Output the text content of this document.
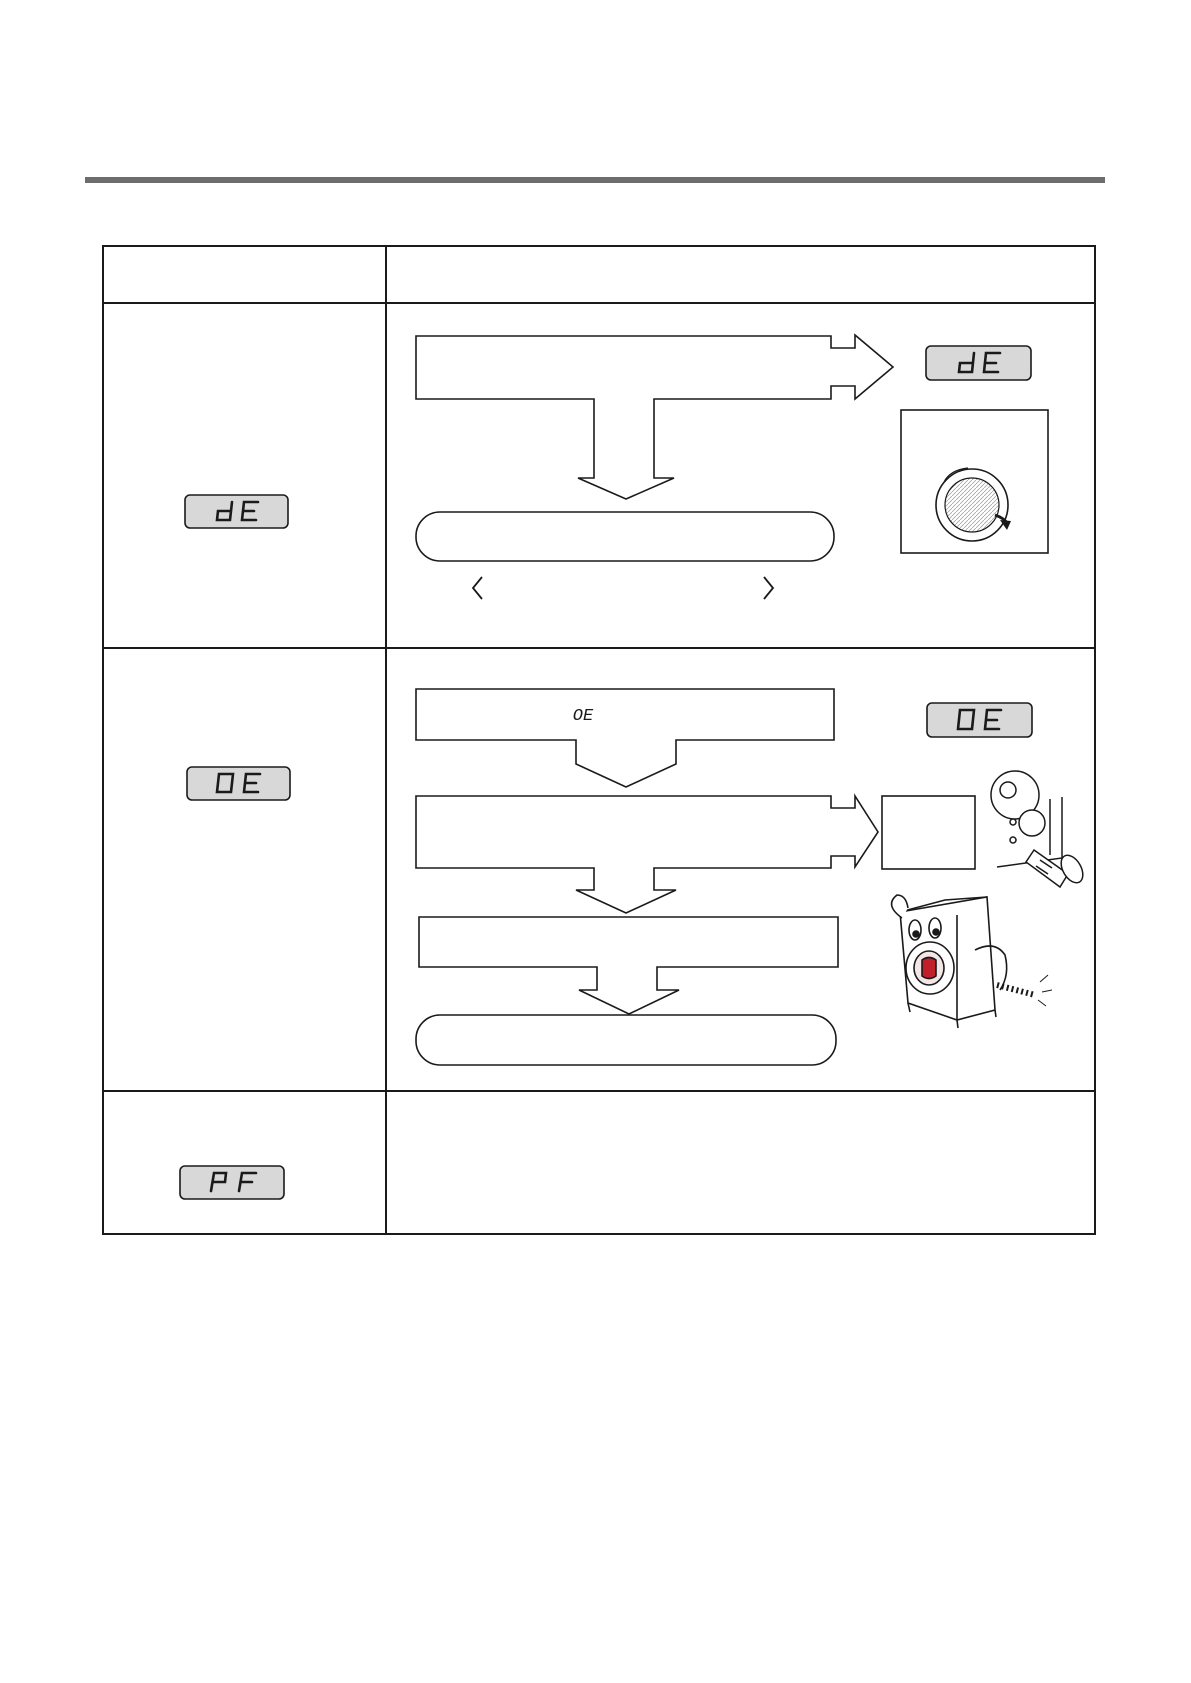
OE
